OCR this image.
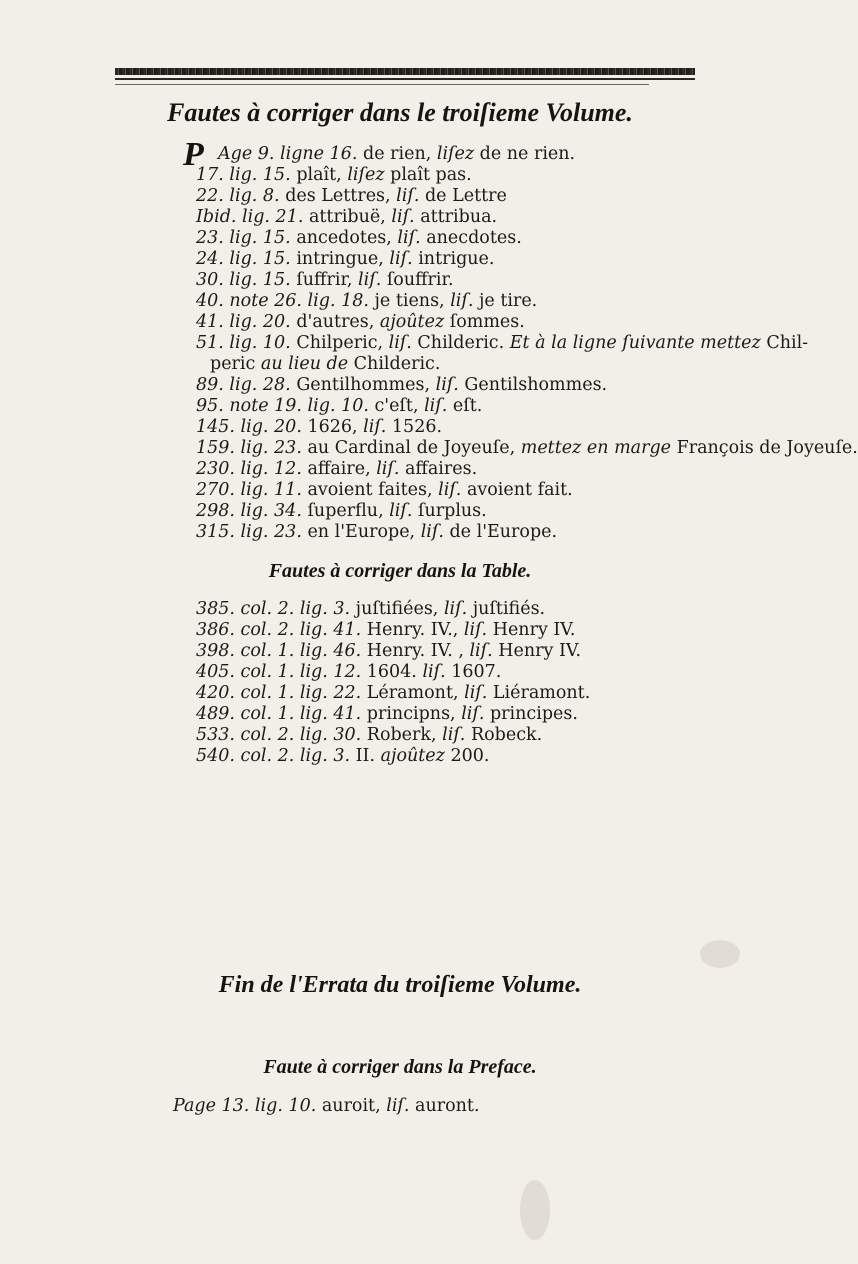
Fautes à corriger dans le troiſieme Volume.
P Age 9. ligne 16. de rien, liſez de ne rien.
17. lig. 15. plaît, liſez plaît pas.
22. lig. 8. des Lettres, liſ. de Lettre
Ibid. lig. 21. attribuë, liſ. attribua.
23. lig. 15. ancedotes, liſ. anecdotes.
24. lig. 15. intringue, liſ. intrigue.
30. lig. 15. ſuffrir, liſ. ſouffrir.
40. note 26. lig. 18. je tiens, liſ. je tire.
41. lig. 20. d'autres, ajoûtez ſommes.
51. lig. 10. Chilperic, liſ. Childeric. Et à la ligne ſuivante mettez Chil-
peric au lieu de Childeric.
89. lig. 28. Gentilhommes, liſ. Gentilshommes.
95. note 19. lig. 10. c'eſt, liſ. eſt.
145. lig. 20. 1626, liſ. 1526.
159. lig. 23. au Cardinal de Joyeuſe, mettez en marge François de Joyeuſe.
230. lig. 12. affaire, liſ. affaires.
270. lig. 11. avoient faites, liſ. avoient fait.
298. lig. 34. ſuperflu, liſ. ſurplus.
315. lig. 23. en l'Europe, liſ. de l'Europe.
Fautes à corriger dans la Table.
385. col. 2. lig. 3. juſtifiées, liſ. juſtifiés.
386. col. 2. lig. 41. Henry. IV., liſ. Henry IV.
398. col. 1. lig. 46. Henry. IV. , liſ. Henry IV.
405. col. 1. lig. 12. 1604. liſ. 1607.
420. col. 1. lig. 22. Léramont, liſ. Liéramont.
489. col. 1. lig. 41. principns, liſ. principes.
533. col. 2. lig. 30. Roberk, liſ. Robeck.
540. col. 2. lig. 3. II. ajoûtez 200.
Fin de l'Errata du troiſieme Volume.
Faute à corriger dans la Preface.
Page 13. lig. 10. auroit, liſ. auront.
